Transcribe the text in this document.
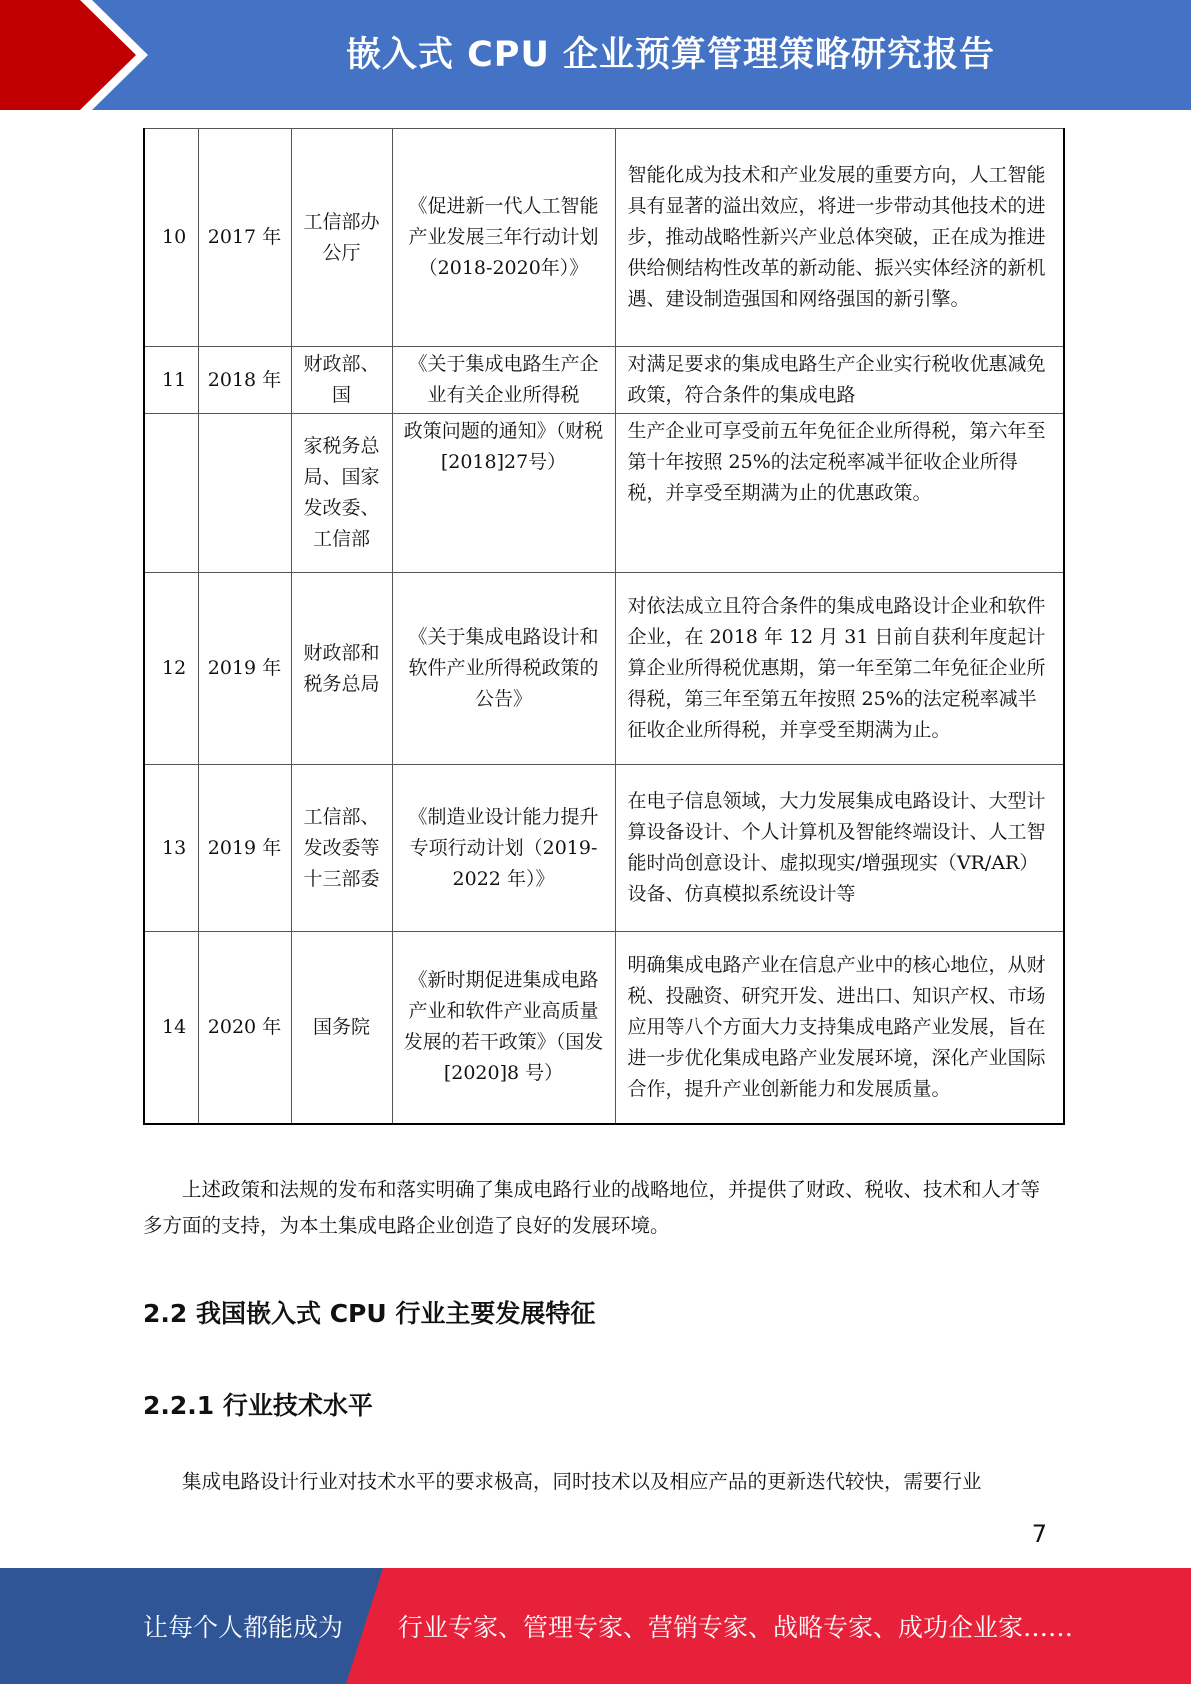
嵌入式 CPU 企业预算管理策略研究报告
10	2017 年	工信部办公厅	《促进新一代人工智能产业发展三年行动计划（2018-2020年）》	智能化成为技术和产业发展的重要方向，人工智能具有显著的溢出效应，将进一步带动其他技术的进步，推动战略性新兴产业总体突破，正在成为推进供给侧结构性改革的新动能、振兴实体经济的新机遇、建设制造强国和网络强国的新引擎。
11	2018 年	财政部、国	《关于集成电路生产企业有关企业所得税	对满足要求的集成电路生产企业实行税收优惠减免政策，符合条件的集成电路
		家税务总局、国家发改委、工信部	政策问题的通知》（财税[2018]27号）	生产企业可享受前五年免征企业所得税，第六年至第十年按照 25%的法定税率减半征收企业所得税，并享受至期满为止的优惠政策。
12	2019 年	财政部和税务总局	《关于集成电路设计和软件产业所得税政策的公告》	对依法成立且符合条件的集成电路设计企业和软件企业，在 2018 年 12 月 31 日前自获利年度起计算企业所得税优惠期，第一年至第二年免征企业所得税，第三年至第五年按照 25%的法定税率减半征收企业所得税，并享受至期满为止。
13	2019 年	工信部、发改委等十三部委	《制造业设计能力提升专项行动计划（2019-2022 年）》	在电子信息领域，大力发展集成电路设计、大型计算设备设计、个人计算机及智能终端设计、人工智能时尚创意设计、虚拟现实/增强现实（VR/AR）设备、仿真模拟系统设计等
14	2020 年	国务院	《新时期促进集成电路产业和软件产业高质量发展的若干政策》（国发[2020]8 号）	明确集成电路产业在信息产业中的核心地位，从财税、投融资、研究开发、进出口、知识产权、市场应用等八个方面大力支持集成电路产业发展，旨在进一步优化集成电路产业发展环境，深化产业国际合作，提升产业创新能力和发展质量。

上述政策和法规的发布和落实明确了集成电路行业的战略地位，并提供了财政、税收、技术和人才等多方面的支持，为本土集成电路企业创造了良好的发展环境。

2.2 我国嵌入式 CPU 行业主要发展特征
2.2.1 行业技术水平

集成电路设计行业对技术水平的要求极高，同时技术以及相应产品的更新迭代较快，需要行业

7
让每个人都能成为 行业专家、管理专家、营销专家、战略专家、成功企业家……
